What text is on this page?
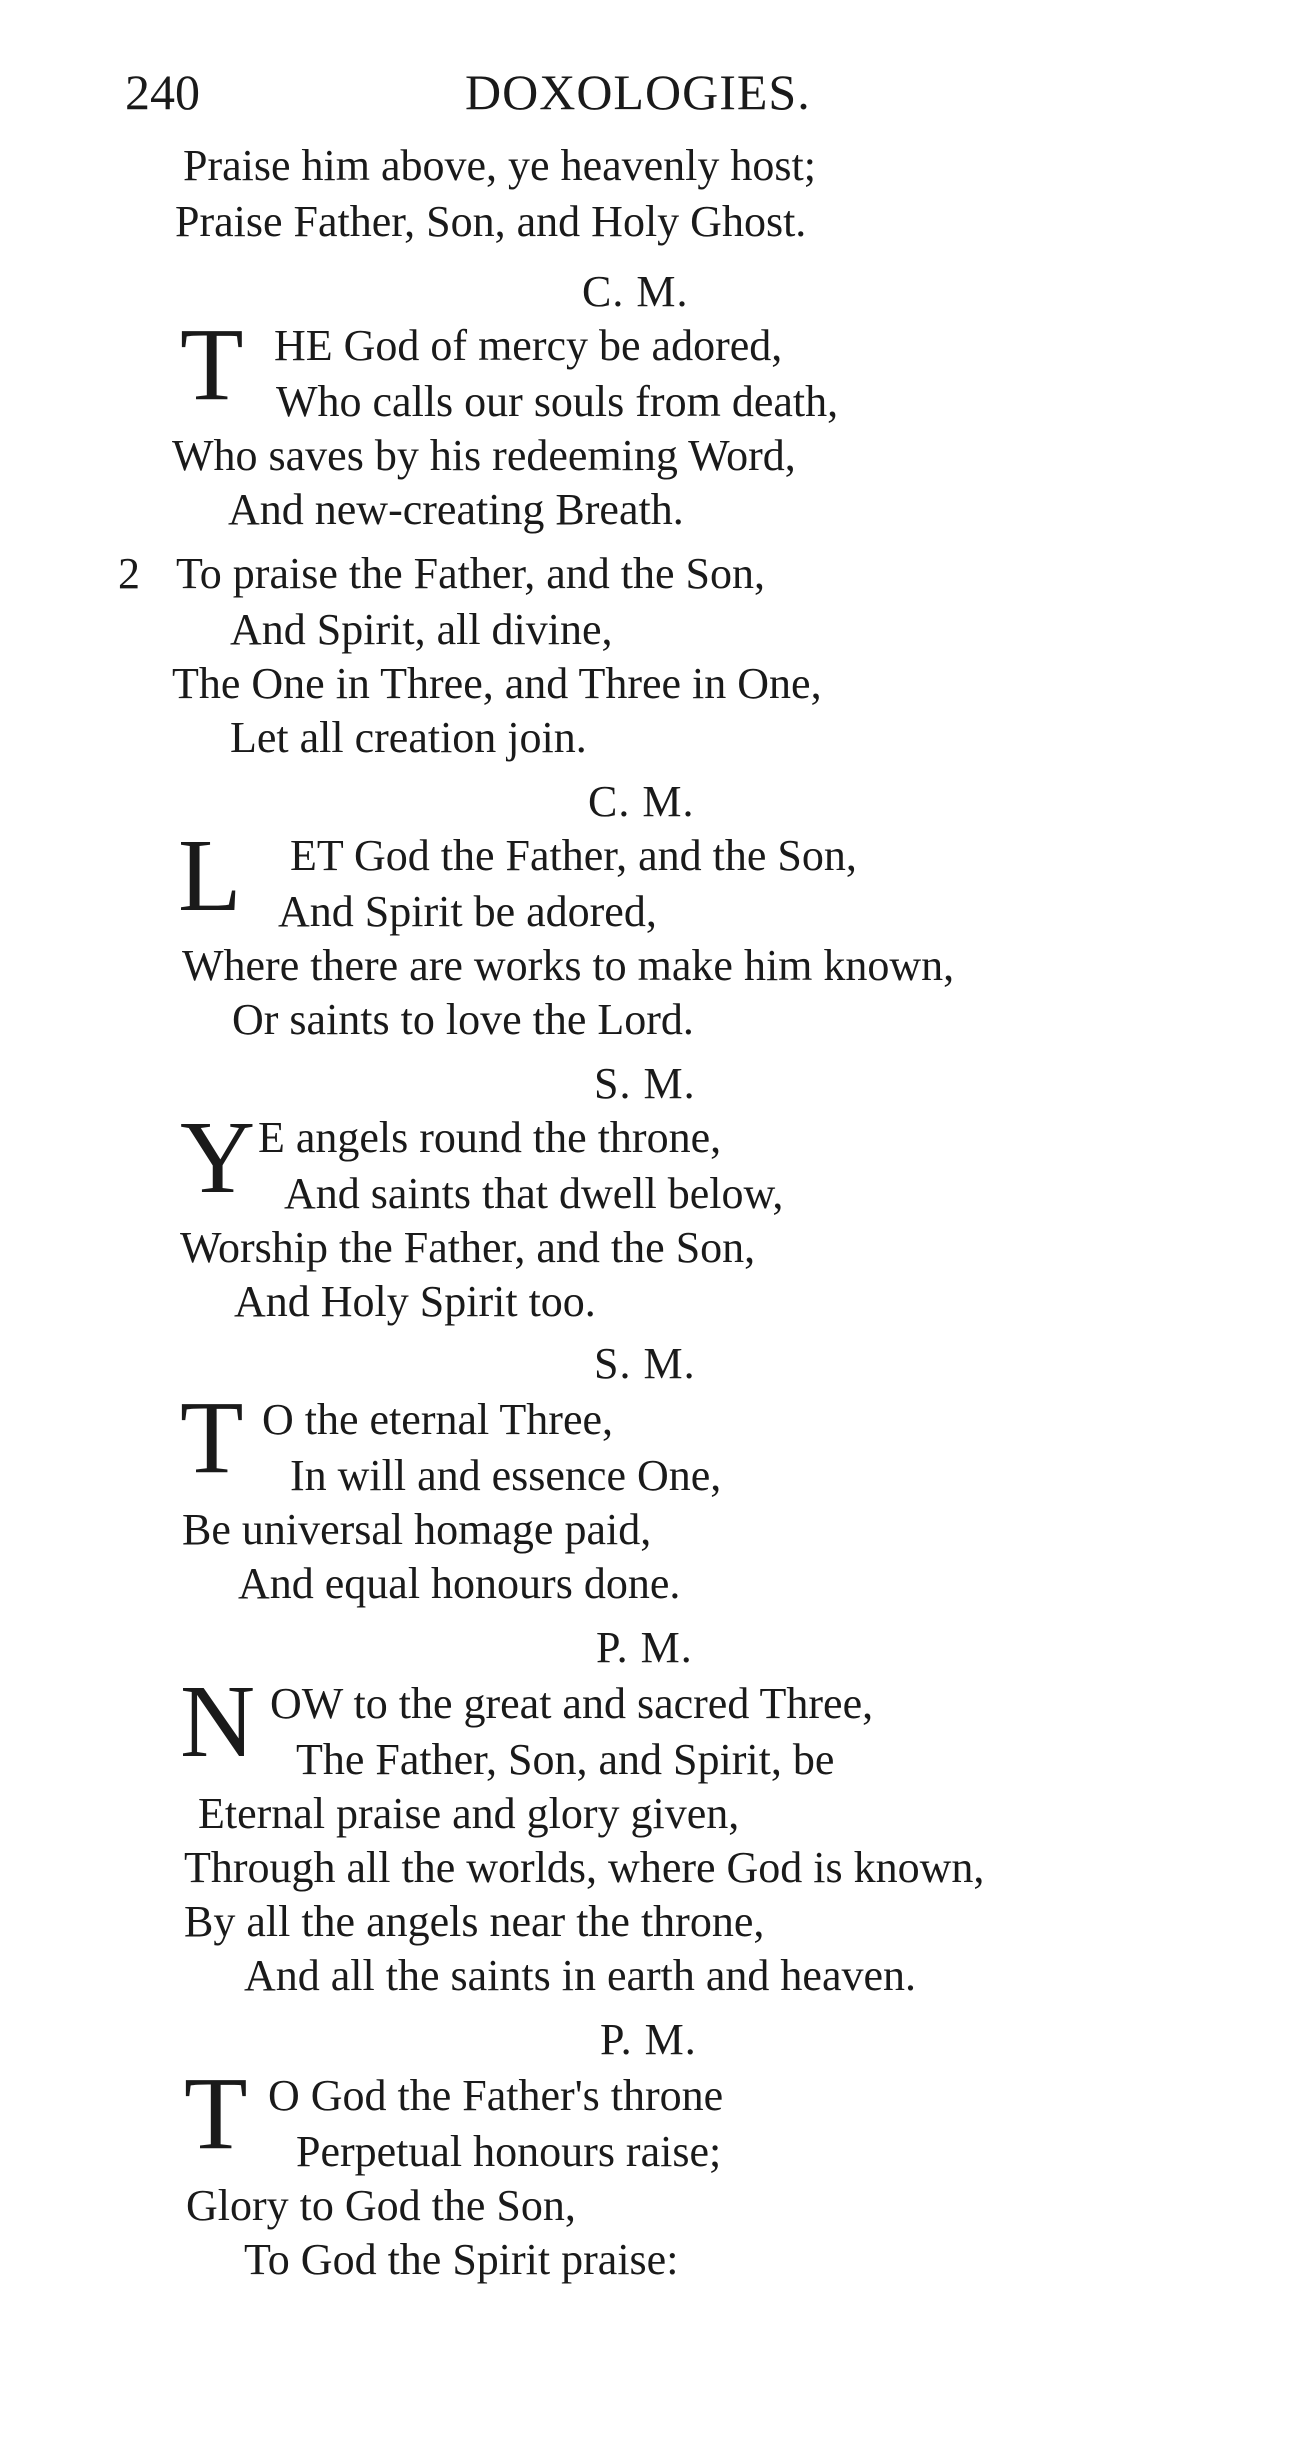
240	DOXOLOGIES.
Praise him above, ye heavenly host;
Praise Father, Son, and Holy Ghost.
C. M.
T HE God of mercy be adored,
Who calls our souls from death,
Who saves by his redeeming Word,
And new-creating Breath.
2 To praise the Father, and the Son,
And Spirit, all divine,
The One in Three, and Three in One,
Let all creation join.
C. M.
L ET God the Father, and the Son,
And Spirit be adored,
Where there are works to make him known,
Or saints to love the Lord.
S. M.
Y E angels round the throne,
And saints that dwell below,
Worship the Father, and the Son,
And Holy Spirit too.
S. M.
T O the eternal Three,
In will and essence One,
Be universal homage paid,
And equal honours done.
P. M.
N OW to the great and sacred Three,
The Father, Son, and Spirit, be
Eternal praise and glory given,
Through all the worlds, where God is known,
By all the angels near the throne,
And all the saints in earth and heaven.
P. M.
T O God the Father's throne
Perpetual honours raise;
Glory to God the Son,
To God the Spirit praise:
